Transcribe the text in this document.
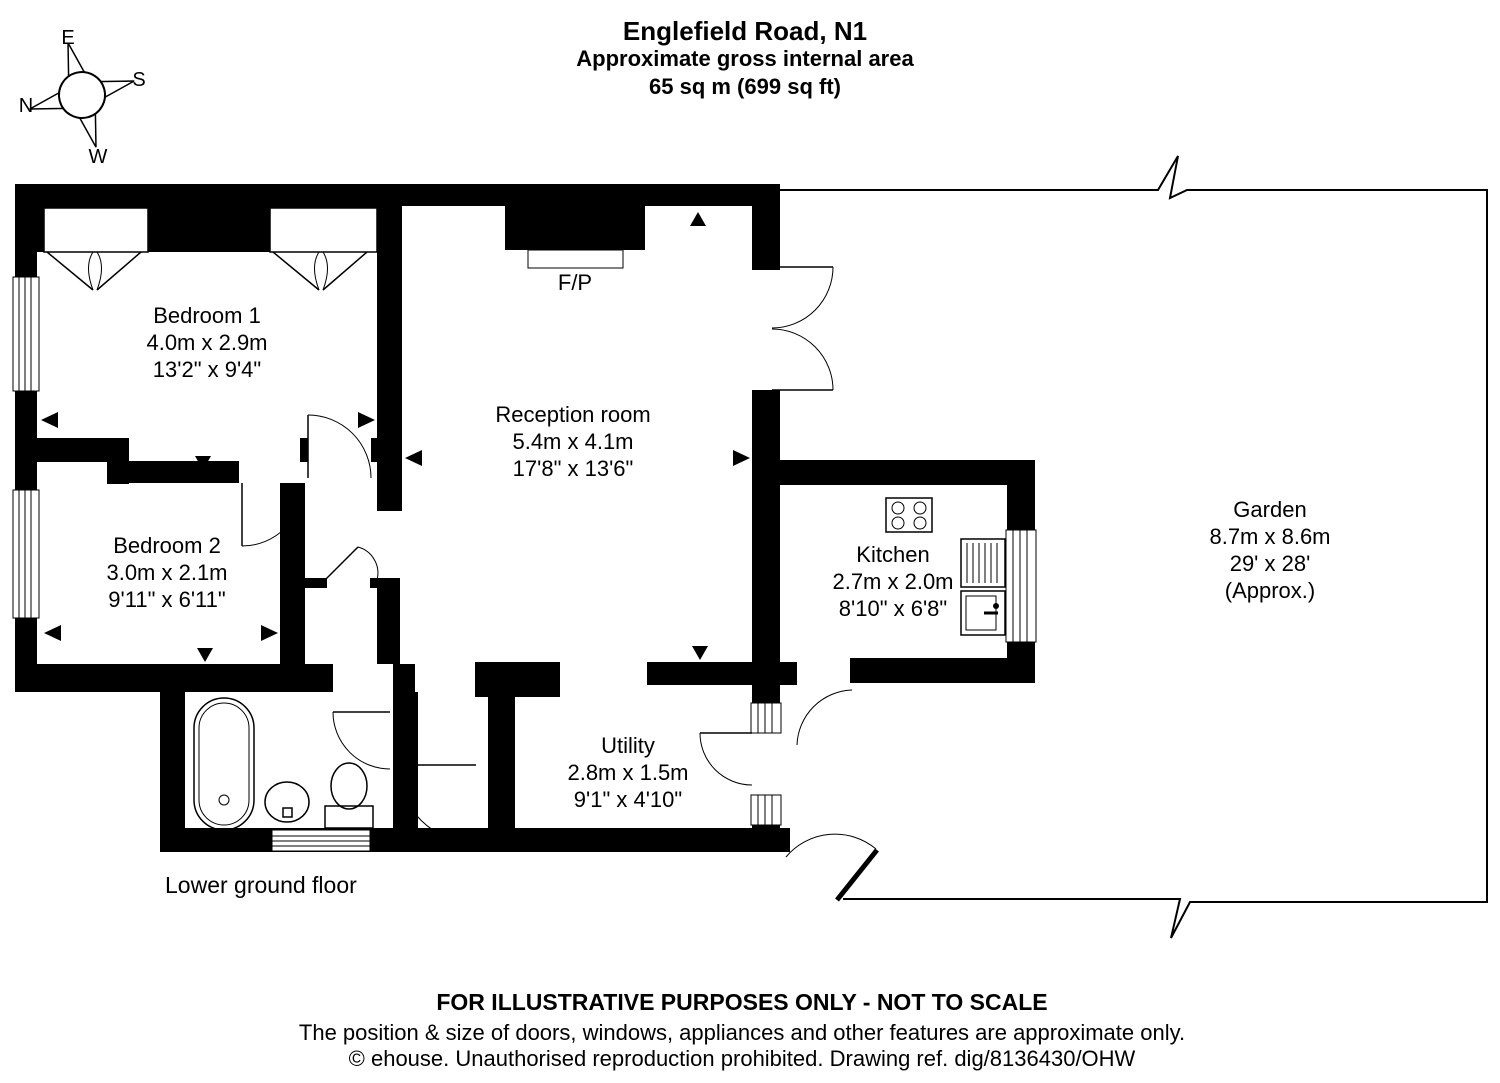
Englefield Road, N1
Approximate gross internal area
65 sq m (699 sq ft)
E
S
N
W
F/P
Bedroom 1
4.0m x 2.9m
13'2" x 9'4"
Bedroom 2
3.0m x 2.1m
9'11" x 6'11"
Reception room
5.4m x 4.1m
17'8" x 13'6"
Kitchen
2.7m x 2.0m
8'10" x 6'8"
Utility
2.8m x 1.5m
9'1" x 4'10"
Garden
8.7m x 8.6m
29' x 28'
(Approx.)
Lower ground floor
FOR ILLUSTRATIVE PURPOSES ONLY - NOT TO SCALE
The position & size of doors, windows, appliances and other features are approximate only.
© ehouse. Unauthorised reproduction prohibited. Drawing ref. dig/8136430/OHW
